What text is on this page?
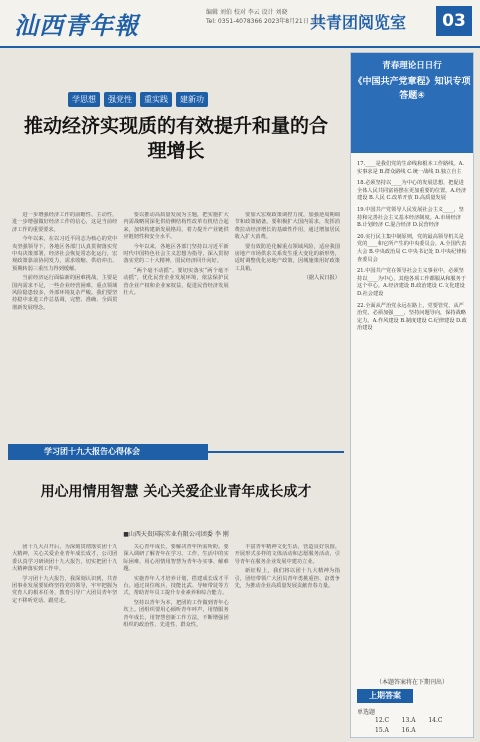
汕西青年報	编辑 刘伯 校对 李云 设计 刘晓
Tel: 0351-4078366 2023年8月21日 星期一
共青团阅览室	03
学思想	强党性	重实践	建新功
推动经济实现质的有效提升和量的合理增长

进一步增强经济工作的前瞻性、主动性，进一步增强做好经济工作的信心，这是当前经济工作的重要要求。

今年以来，在以习近平同志为核心的党中央坚强领导下，各地区各部门认真贯彻落实党中央决策部署，经济社会恢复常态化运行，宏观政策靠前协同发力，需求收缩、供给冲击、预期转弱三重压力得到缓解。

当前经济运行面临新的困难挑战，主要是国内需求不足，一些企业经营困难，重点领域风险隐患较多，外部环境复杂严峻。我们要坚持稳中求进工作总基调，完整、准确、全面贯彻新发展理念。

要以推动高质量发展为主题，把实施扩大内需战略同深化供给侧结构性改革有机结合起来，加快构建新发展格局，着力提升产业链供应链韧性和安全水平。

今年以来，各地区各部门坚持以习近平新时代中国特色社会主义思想为指导，深入贯彻落实党的二十大精神，国民经济回升向好。

“两个毫不动摇”。要切实落实“两个毫不动摇”，优化民营企业发展环境，依法保护民营企业产权和企业家权益，促进民营经济发展壮大。

要加大宏观政策调控力度，加强逆周期调节和政策储备。要积极扩大国内需求，发挥消费拉动经济增长的基础性作用，通过增加居民收入扩大消费。

要有效防范化解重点领域风险，适应我国房地产市场供求关系发生重大变化的新形势，适时调整优化房地产政策，因城施策用好政策工具箱。

（据人民日报）
学习团十九大报告心得体会
用心用情用智慧 关心关爱企业青年成长成才
■山西天贵国际实业有限公司团委 李 刚

团十九大召开后，为深刻贯彻落实团十九大精神，关心关爱企业青年成长成才，公司团委认真学习研读团十九大报告，切实把团十九大精神落实到工作中。

学习团十九大报告，我深刻认识到，共青团事业发展要始终坚持党的领导，牢牢把握为党育人的根本任务，教育引导广大团员青年坚定不移听党话、跟党走。

关心青年成长，要解决青年所需所盼。要深入调研了解青年在学习、工作、生活中的实际困难，用心用情用智慧为青年办实事、解难题。

实施青年人才培养计划，搭建成长成才平台。通过岗位练兵、技能比武、导师带徒等方式，帮助青年员工提升专业素养和综合能力。

坚持以青年为本，把团的工作做到青年心坎上。团组织要用心倾听青年呼声，用情服务青年成长，用智慧创新工作方法，不断增强团组织的政治性、先进性、群众性。

丰富青年精神文化生活，营造良好氛围。开展形式多样的文体活动和志愿服务活动，引导青年在服务企业发展中建功立业。

新征程上，我们将以团十九大精神为指引，团结带领广大团员青年勇挑重担、奋勇争先，为推动企业高质量发展贡献青春力量。

青春理论日日行
《中国共产党章程》知识专项答题④

17.____是我们党的生命线和根本工作路线。A.实事求是 B.群众路线 C.统一战线 D.独立自主

18.必须坚持以____为中心的发展思想，把促进全体人民共同富裕摆在更加重要的位置。A.经济建设 B.人民 C.改革开放 D.高质量发展

19.中国共产党领导人民发展社会主义____，坚持和完善社会主义基本经济制度。A.市场经济 B.计划经济 C.混合经济 D.民营经济

20.实行民主集中制原则，党的最高领导机关是党的____和它所产生的中央委员会。A.全国代表大会 B.中央政治局 C.中央书记处 D.中央纪律检查委员会

21.中国共产党在领导社会主义事业中，必须坚持以____为中心，其他各项工作都服从和服务于这个中心。A.经济建设 B.政治建设 C.文化建设 D.社会建设

22.全面从严治党永远在路上，党要管党、从严治党，必须加强____，坚持问题导向，保持战略定力。A.作风建设 B.制度建设 C.纪律建设 D.政治建设

（本题答案将在下期刊出）
上期答案
单选题
12.C	13.A	14.C
15.A	16.A
